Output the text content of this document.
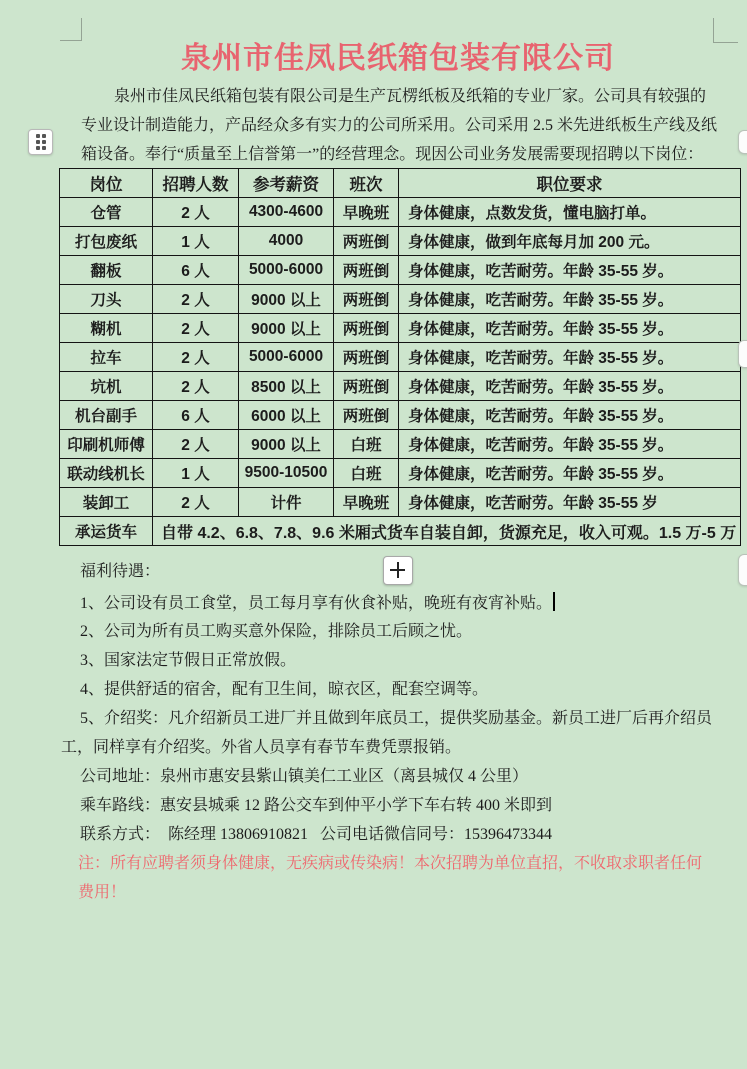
泉州市佳凤民纸箱包装有限公司
泉州市佳凤民纸箱包装有限公司是生产瓦楞纸板及纸箱的专业厂家。公司具有较强的
专业设计制造能力，产品经众多有实力的公司所采用。公司采用 2.5 米先进纸板生产线及纸
箱设备。奉行“质量至上信誉第一”的经营理念。现因公司业务发展需要现招聘以下岗位：
岗位	招聘人数	参考薪资	班次	职位要求
仓管	2 人	4300-4600	早晚班	身体健康，点数发货，懂电脑打单。
打包废纸	1 人	4000	两班倒	身体健康，做到年底每月加 200 元。
翻板	6 人	5000-6000	两班倒	身体健康，吃苦耐劳。年龄 35-55 岁。
刀头	2 人	9000 以上	两班倒	身体健康，吃苦耐劳。年龄 35-55 岁。
糊机	2 人	9000 以上	两班倒	身体健康，吃苦耐劳。年龄 35-55 岁。
拉车	2 人	5000-6000	两班倒	身体健康，吃苦耐劳。年龄 35-55 岁。
坑机	2 人	8500 以上	两班倒	身体健康，吃苦耐劳。年龄 35-55 岁。
机台副手	6 人	6000 以上	两班倒	身体健康，吃苦耐劳。年龄 35-55 岁。
印刷机师傅	2 人	9000 以上	白班	身体健康，吃苦耐劳。年龄 35-55 岁。
联动线机长	1 人	9500-10500	白班	身体健康，吃苦耐劳。年龄 35-55 岁。
装卸工	2 人	计件	早晚班	身体健康，吃苦耐劳。年龄 35-55 岁
承运货车	自带 4.2、6.8、7.8、9.6 米厢式货车自装自卸，货源充足，收入可观。1.5 万-5 万			
福利待遇：
1、公司设有员工食堂，员工每月享有伙食补贴，晚班有夜宵补贴。
2、公司为所有员工购买意外保险，排除员工后顾之忧。
3、国家法定节假日正常放假。
4、提供舒适的宿舍，配有卫生间，晾衣区，配套空调等。
5、介绍奖：凡介绍新员工进厂并且做到年底员工，提供奖励基金。新员工进厂后再介绍员
工，同样享有介绍奖。外省人员享有春节车费凭票报销。
公司地址：泉州市惠安县紫山镇美仁工业区（离县城仅 4 公里）
乘车路线：惠安县城乘 12 路公交车到仲平小学下车右转 400 米即到
联系方式：  陈经理 13806910821   公司电话微信同号：15396473344
注：所有应聘者须身体健康，无疾病或传染病！本次招聘为单位直招，不收取求职者任何
费用！
